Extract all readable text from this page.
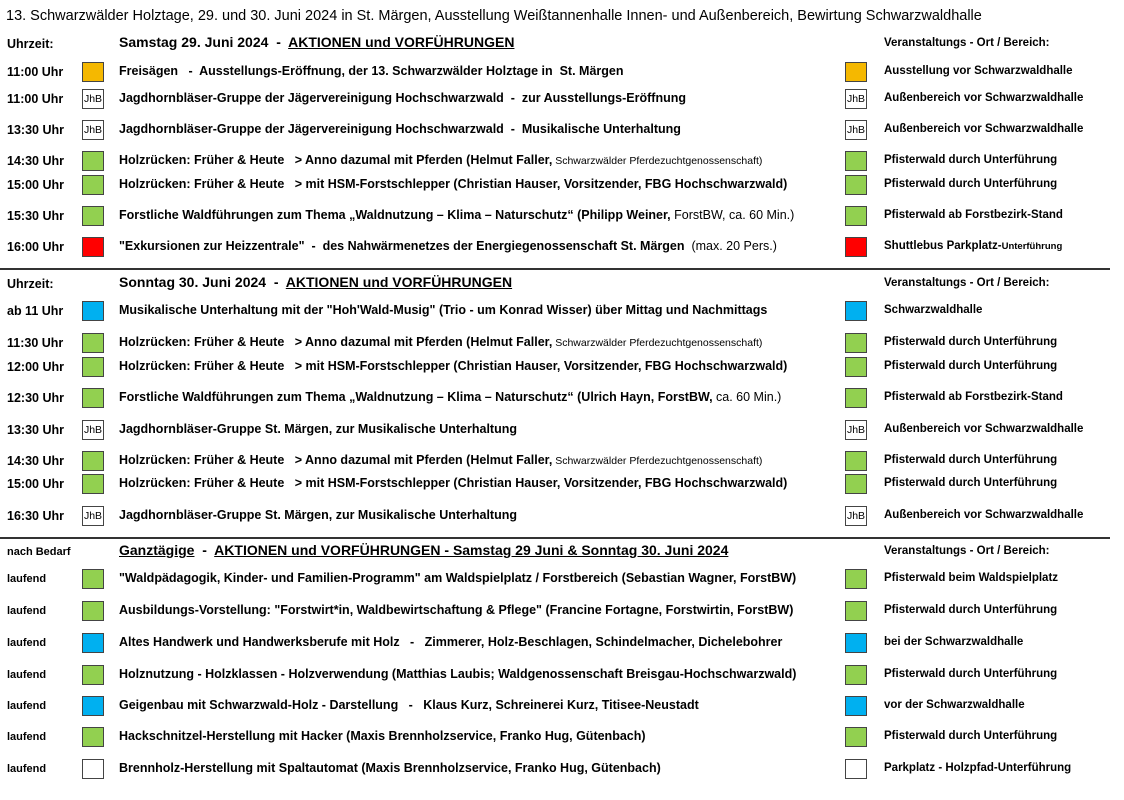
13. Schwarzwälder Holztage, 29. und 30. Juni 2024 in St. Märgen, Ausstellung Weißtannenhalle Innen- und Außenbereich, Bewirtung Schwarzwaldhalle
Uhrzeit:	Samstag 29. Juni 2024  -  AKTIONEN und VORFÜHRUNGEN	Veranstaltungs - Ort / Bereich:
11:00 Uhr	Freisägen   -  Ausstellungs-Eröffnung, der 13. Schwarzwälder Holztage in  St. Märgen	Ausstellung vor Schwarzwaldhalle
11:00 Uhr JhB Jagdhornbläser-Gruppe der Jägervereinigung Hochschwarzwald  -  zur Ausstellungs-Eröffnung	JhB Außenbereich vor Schwarzwaldhalle
13:30 Uhr JhB Jagdhornbläser-Gruppe der Jägervereinigung Hochschwarzwald  -  Musikalische Unterhaltung	JhB Außenbereich vor Schwarzwaldhalle
14:30 Uhr	Holzrücken: Früher & Heute   > Anno dazumal mit Pferden (Helmut Faller, Schwarzwälder Pferdezuchtgenossenschaft)	Pfisterwald durch Unterführung
15:00 Uhr	Holzrücken: Früher & Heute   > mit HSM-Forstschlepper (Christian Hauser, Vorsitzender, FBG Hochschwarzwald)	Pfisterwald durch Unterführung
15:30 Uhr	Forstliche Waldführungen zum Thema „Waldnutzung – Klima – Naturschutz“ (Philipp Weiner, ForstBW, ca. 60 Min.)	Pfisterwald ab Forstbezirk-Stand
16:00 Uhr	"Exkursionen zur Heizzentrale"  -  des Nahwärmenetzes der Energiegenossenschaft St. Märgen  (max. 20 Pers.)	Shuttlebus Parkplatz-Unterführung
Uhrzeit:	Sonntag 30. Juni 2024  -  AKTIONEN und VORFÜHRUNGEN	Veranstaltungs - Ort / Bereich:
ab 11 Uhr	Musikalische Unterhaltung mit der "Hoh'Wald-Musig" (Trio - um Konrad Wisser) über Mittag und Nachmittags	Schwarzwaldhalle
11:30 Uhr	Holzrücken: Früher & Heute   > Anno dazumal mit Pferden (Helmut Faller, Schwarzwälder Pferdezuchtgenossenschaft)	Pfisterwald durch Unterführung
12:00 Uhr	Holzrücken: Früher & Heute   > mit HSM-Forstschlepper (Christian Hauser, Vorsitzender, FBG Hochschwarzwald)	Pfisterwald durch Unterführung
12:30 Uhr	Forstliche Waldführungen zum Thema „Waldnutzung – Klima – Naturschutz“ (Ulrich Hayn, ForstBW, ca. 60 Min.)	Pfisterwald ab Forstbezirk-Stand
13:30 Uhr JhB Jagdhornbläser-Gruppe St. Märgen, zur Musikalische Unterhaltung	JhB Außenbereich vor Schwarzwaldhalle
14:30 Uhr	Holzrücken: Früher & Heute   > Anno dazumal mit Pferden (Helmut Faller, Schwarzwälder Pferdezuchtgenossenschaft)	Pfisterwald durch Unterführung
15:00 Uhr	Holzrücken: Früher & Heute   > mit HSM-Forstschlepper (Christian Hauser, Vorsitzender, FBG Hochschwarzwald)	Pfisterwald durch Unterführung
16:30 Uhr JhB Jagdhornbläser-Gruppe St. Märgen, zur Musikalische Unterhaltung	JhB Außenbereich vor Schwarzwaldhalle
nach Bedarf	Ganztägige  -  AKTIONEN und VORFÜHRUNGEN - Samstag 29 Juni & Sonntag 30. Juni 2024	Veranstaltungs - Ort / Bereich:
laufend	"Waldpädagogik, Kinder- und Familien-Programm" am Waldspielplatz / Forstbereich (Sebastian Wagner, ForstBW)	Pfisterwald beim Waldspielplatz
laufend	Ausbildungs-Vorstellung: "Forstwirt*in, Waldbewirtschaftung & Pflege" (Francine Fortagne, Forstwirtin, ForstBW)	Pfisterwald durch Unterführung
laufend	Altes Handwerk und Handwerksberufe mit Holz   -   Zimmerer, Holz-Beschlagen, Schindelmacher, Dichelebohrer	bei der Schwarzwaldhalle
laufend	Holznutzung - Holzklassen - Holzverwendung (Matthias Laubis; Waldgenossenschaft Breisgau-Hochschwarzwald)	Pfisterwald durch Unterführung
laufend	Geigenbau mit Schwarzwald-Holz - Darstellung   -   Klaus Kurz, Schreinerei Kurz, Titisee-Neustadt	vor der Schwarzwaldhalle
laufend	Hackschnitzel-Herstellung mit Hacker (Maxis Brennholzservice, Franko Hug, Gütenbach)	Pfisterwald durch Unterführung
laufend	Brennholz-Herstellung mit Spaltautomat (Maxis Brennholzservice, Franko Hug, Gütenbach)	Parkplatz - Holzpfad-Unterführung
